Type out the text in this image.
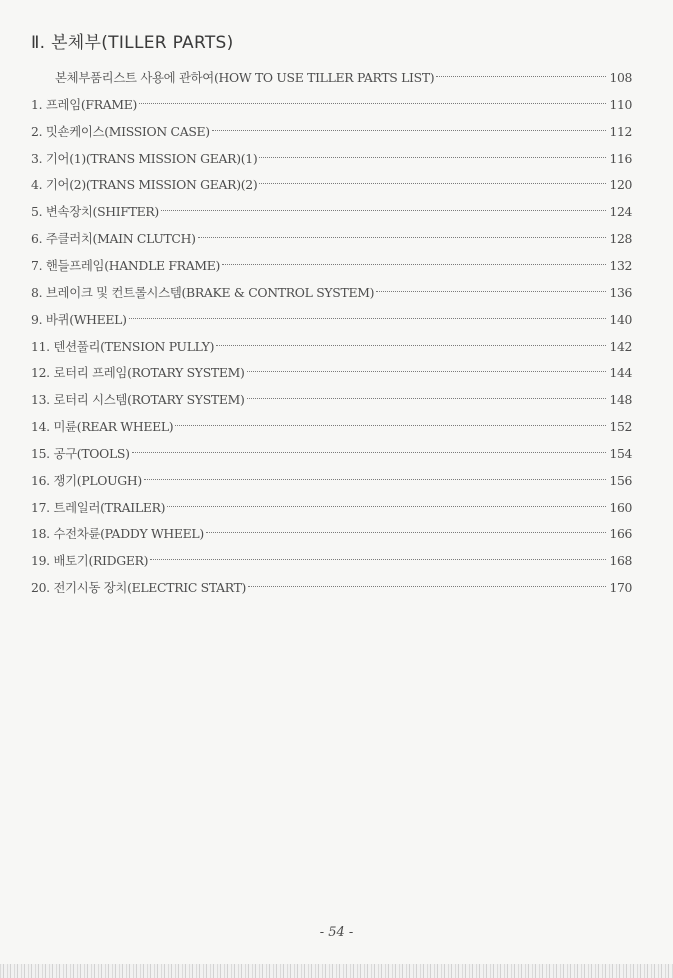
Ⅱ. 본체부(TILLER PARTS)
본체부품리스트 사용에 관하여(HOW TO USE TILLER PARTS LIST)	108
1. 프레임(FRAME)	110
2. 밋숀케이스(MISSION CASE)	112
3. 기어(1)(TRANS MISSION GEAR)(1)	116
4. 기어(2)(TRANS MISSION GEAR)(2)	120
5. 변속장치(SHIFTER)	124
6. 주클러치(MAIN CLUTCH)	128
7. 핸들프레임(HANDLE FRAME)	132
8. 브레이크 및 컨트롤시스템(BRAKE & CONTROL SYSTEM)	136
9. 바퀴(WHEEL)	140
11. 텐션풀리(TENSION PULLY)	142
12. 로터리 프레임(ROTARY SYSTEM)	144
13. 로터리 시스템(ROTARY SYSTEM)	148
14. 미륜(REAR WHEEL)	152
15. 공구(TOOLS)	154
16. 쟁기(PLOUGH)	156
17. 트레일러(TRAILER)	160
18. 수전차륜(PADDY WHEEL)	166
19. 배토기(RIDGER)	168
20. 전기시동 장치(ELECTRIC START)	170
- 54 -
